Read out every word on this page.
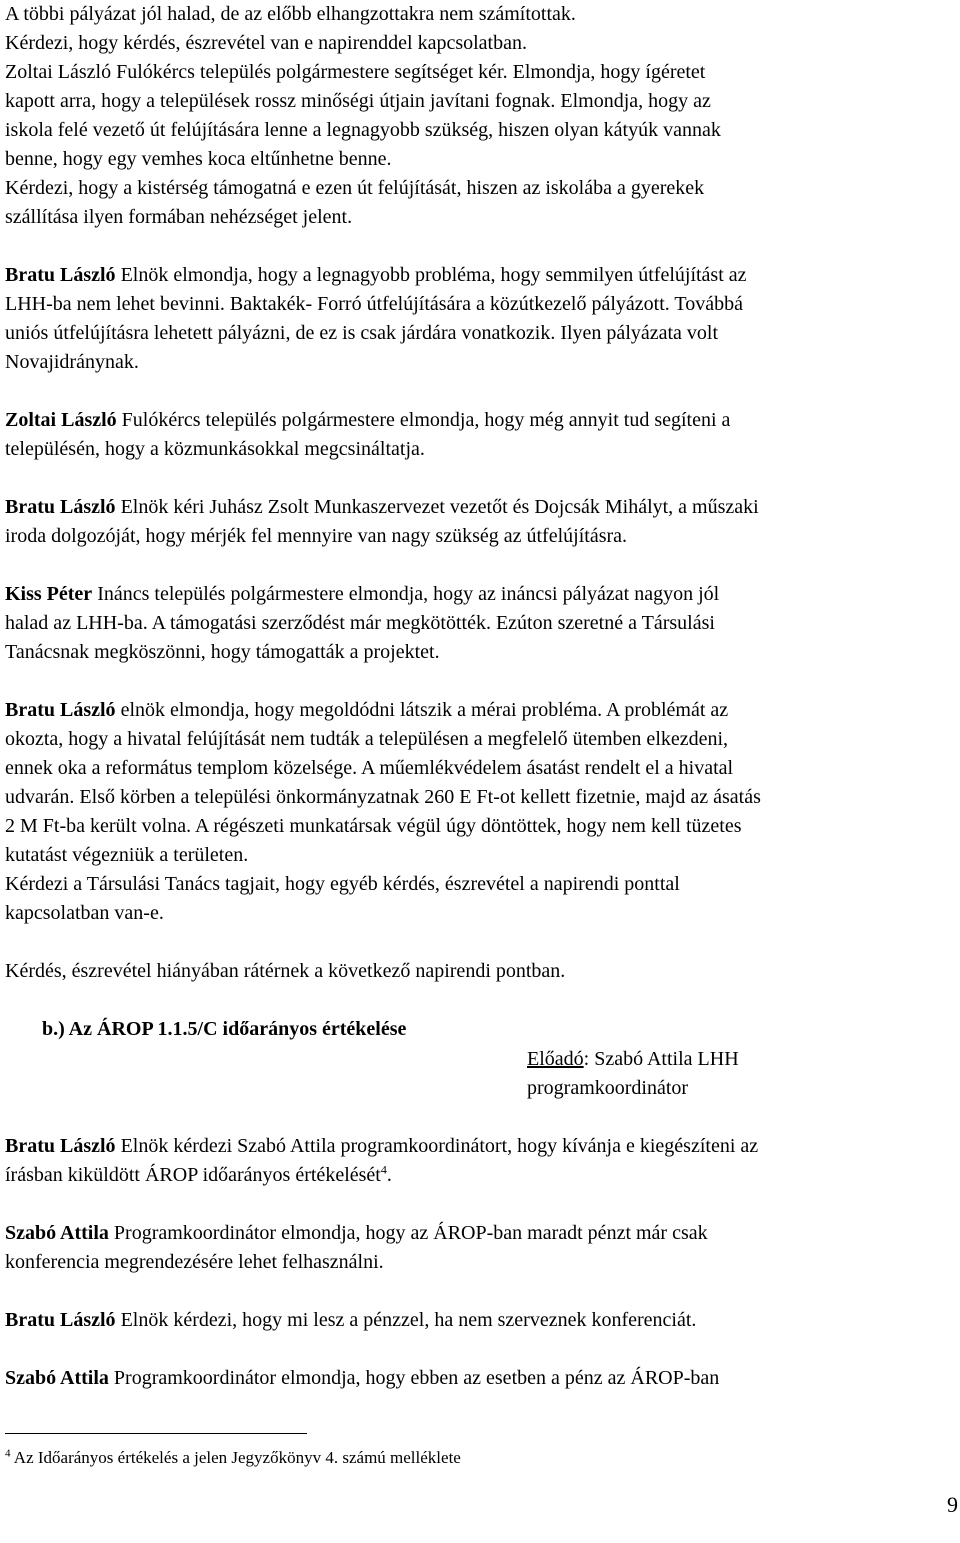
A többi pályázat jól halad, de az előbb elhangzottakra nem számítottak.
Kérdezi, hogy kérdés, észrevétel van e napirenddel kapcsolatban.
Zoltai László Fulókércs település polgármestere segítséget kér. Elmondja, hogy ígéretet
kapott arra, hogy a települések rossz minőségi útjain javítani fognak. Elmondja, hogy az
iskola felé vezető út felújítására lenne a legnagyobb szükség, hiszen olyan kátyúk vannak
benne, hogy egy vemhes koca eltűnhetne benne.
Kérdezi, hogy a kistérség támogatná e ezen út felújítását, hiszen az iskolába a gyerekek
szállítása ilyen formában nehézséget jelent.

Bratu László Elnök elmondja, hogy a legnagyobb probléma, hogy semmilyen útfelújítást az
LHH-ba nem lehet bevinni. Baktakék- Forró útfelújítására a közútkezelő pályázott. Továbbá
uniós útfelújításra lehetett pályázni, de ez is csak járdára vonatkozik. Ilyen pályázata volt
Novajidránynak.

Zoltai László Fulókércs település polgármestere elmondja, hogy még annyit tud segíteni a
településén, hogy a közmunkásokkal megcsináltatja.

Bratu László Elnök kéri Juhász Zsolt Munkaszervezet vezetőt és Dojcsák Mihályt, a műszaki
iroda dolgozóját, hogy mérjék fel mennyire van nagy szükség az útfelújításra.

Kiss Péter Ináncs település polgármestere elmondja, hogy az ináncsi pályázat nagyon jól
halad az LHH-ba. A támogatási szerződést már megkötötték. Ezúton szeretné a Társulási
Tanácsnak megköszönni, hogy támogatták a projektet.

Bratu László elnök elmondja, hogy megoldódni látszik a mérai probléma. A problémát az
okozta, hogy a hivatal felújítását nem tudták a településen a megfelelő ütemben elkezdeni,
ennek oka a református templom közelsége. A műemlékvédelem ásatást rendelt el a hivatal
udvarán. Első körben a települési önkormányzatnak 260 E Ft-ot kellett fizetnie, majd az ásatás
2 M Ft-ba került volna. A régészeti munkatársak végül úgy döntöttek, hogy nem kell tüzetes
kutatást végezniük a területen.
Kérdezi a Társulási Tanács tagjait, hogy egyéb kérdés, észrevétel a napirendi ponttal
kapcsolatban van-e.

Kérdés, észrevétel hiányában rátérnek a következő napirendi pontban.

b.) Az ÁROP 1.1.5/C időarányos értékelése

Előadó: Szabó Attila LHH
programkoordinátor

Bratu László Elnök kérdezi Szabó Attila programkoordinátort, hogy kívánja e kiegészíteni az
írásban kiküldött ÁROP időarányos értékelését$^4$.

Szabó Attila Programkoordinátor elmondja, hogy az ÁROP-ban maradt pénzt már csak
konferencia megrendezésére lehet felhasználni.

Bratu László Elnök kérdezi, hogy mi lesz a pénzzel, ha nem szerveznek konferenciát.

Szabó Attila Programkoordinátor elmondja, hogy ebben az esetben a pénz az ÁROP-ban

$^4$ Az Időarányos értékelés a jelen Jegyzőkönyv 4. számú melléklete
9
